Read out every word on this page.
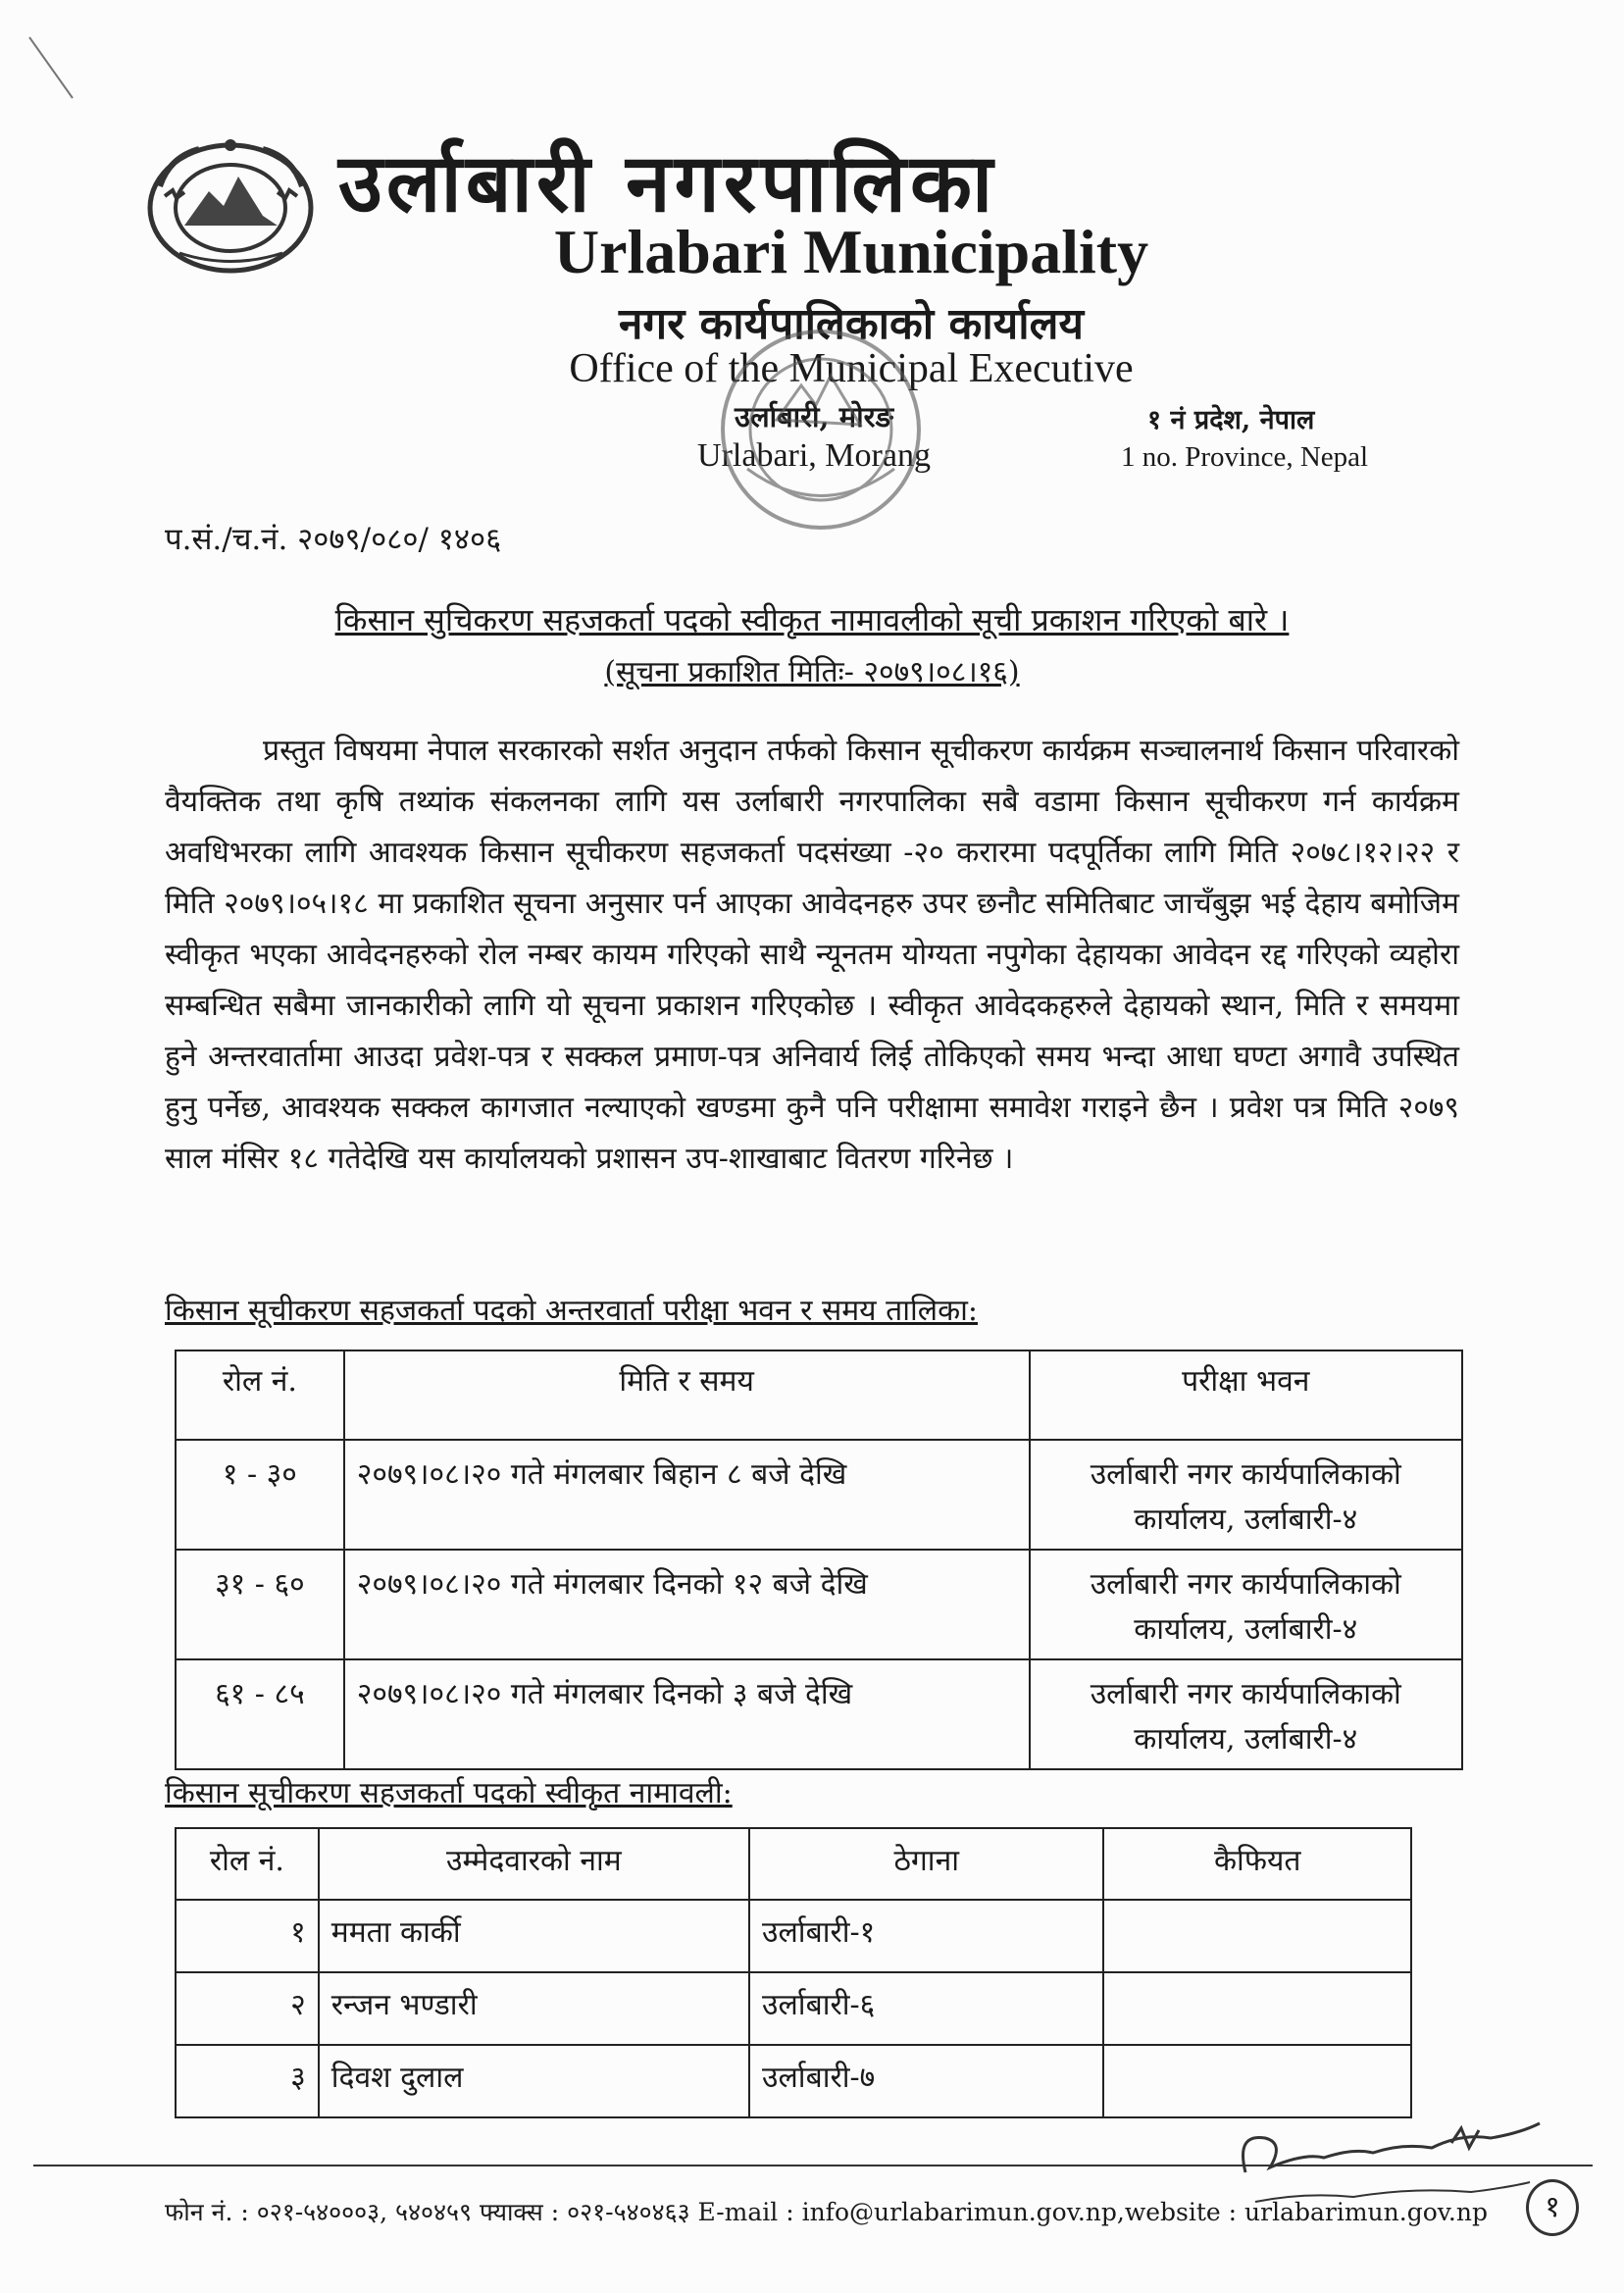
उर्लाबारी नगरपालिका
Urlabari Municipality
नगर कार्यपालिकाको कार्यालय
Office of the Municipal Executive
उर्लाबारी, मोरङ
Urlabari, Morang
१ नं प्रदेश, नेपाल
1 no. Province, Nepal
प.सं./च.नं. २०७९/०८०/ १४०६
किसान सुचिकरण सहजकर्ता पदको स्वीकृत नामावलीको सूची प्रकाशन गरिएको बारे ।
(सूचना प्रकाशित मितिः- २०७९।०८।१६)
प्रस्तुत विषयमा नेपाल सरकारको सर्शत अनुदान तर्फको किसान सूचीकरण कार्यक्रम सञ्चालनार्थ किसान परिवारको वैयक्तिक तथा कृषि तथ्यांक संकलनका लागि यस उर्लाबारी नगरपालिका सबै वडामा किसान सूचीकरण गर्न कार्यक्रम अवधिभरका लागि आवश्यक किसान सूचीकरण सहजकर्ता पदसंख्या -२० करारमा पदपूर्तिका लागि मिति २०७८।१२।२२ र मिति २०७९।०५।१८ मा प्रकाशित सूचना अनुसार पर्न आएका आवेदनहरु उपर छनौट समितिबाट जाचँबुझ भई देहाय बमोजिम स्वीकृत भएका आवेदनहरुको रोल नम्बर कायम गरिएको साथै न्यूनतम योग्यता नपुगेका देहायका आवेदन रद्द गरिएको व्यहोरा सम्बन्धित सबैमा जानकारीको लागि यो सूचना प्रकाशन गरिएकोछ । स्वीकृत आवेदकहरुले देहायको स्थान, मिति र समयमा हुने अन्तरवार्तामा आउदा प्रवेश-पत्र र सक्कल प्रमाण-पत्र अनिवार्य लिई तोकिएको समय भन्दा आधा घण्टा अगावै उपस्थित हुनु पर्नेछ, आवश्यक सक्कल कागजात नल्याएको खण्डमा कुनै पनि परीक्षामा समावेश गराइने छैन । प्रवेश पत्र मिति २०७९ साल मंसिर १८ गतेदेखि यस कार्यालयको प्रशासन उप-शाखाबाट वितरण गरिनेछ ।
किसान सूचीकरण सहजकर्ता पदको अन्तरवार्ता परीक्षा भवन र समय तालिका:
रोल नं.	मिति र समय	परीक्षा भवन
१ - ३०	२०७९।०८।२० गते मंगलबार बिहान ८ बजे देखि	उर्लाबारी नगर कार्यपालिकाको कार्यालय, उर्लाबारी-४
३१ - ६०	२०७९।०८।२० गते मंगलबार दिनको १२ बजे देखि	उर्लाबारी नगर कार्यपालिकाको कार्यालय, उर्लाबारी-४
६१ - ८५	२०७९।०८।२० गते मंगलबार दिनको ३ बजे देखि	उर्लाबारी नगर कार्यपालिकाको कार्यालय, उर्लाबारी-४
किसान सूचीकरण सहजकर्ता पदको स्वीकृत नामावली:
रोल नं.	उम्मेदवारको नाम	ठेगाना	कैफियत
१	ममता कार्की	उर्लाबारी-१	
२	रन्जन भण्डारी	उर्लाबारी-६	
३	दिवश दुलाल	उर्लाबारी-७	
फोन नं. : ०२१-५४०००३, ५४०४५९ फ्याक्स : ०२१-५४०४६३ E-mail : info@urlabarimun.gov.np,website : urlabarimun.gov.np	१
